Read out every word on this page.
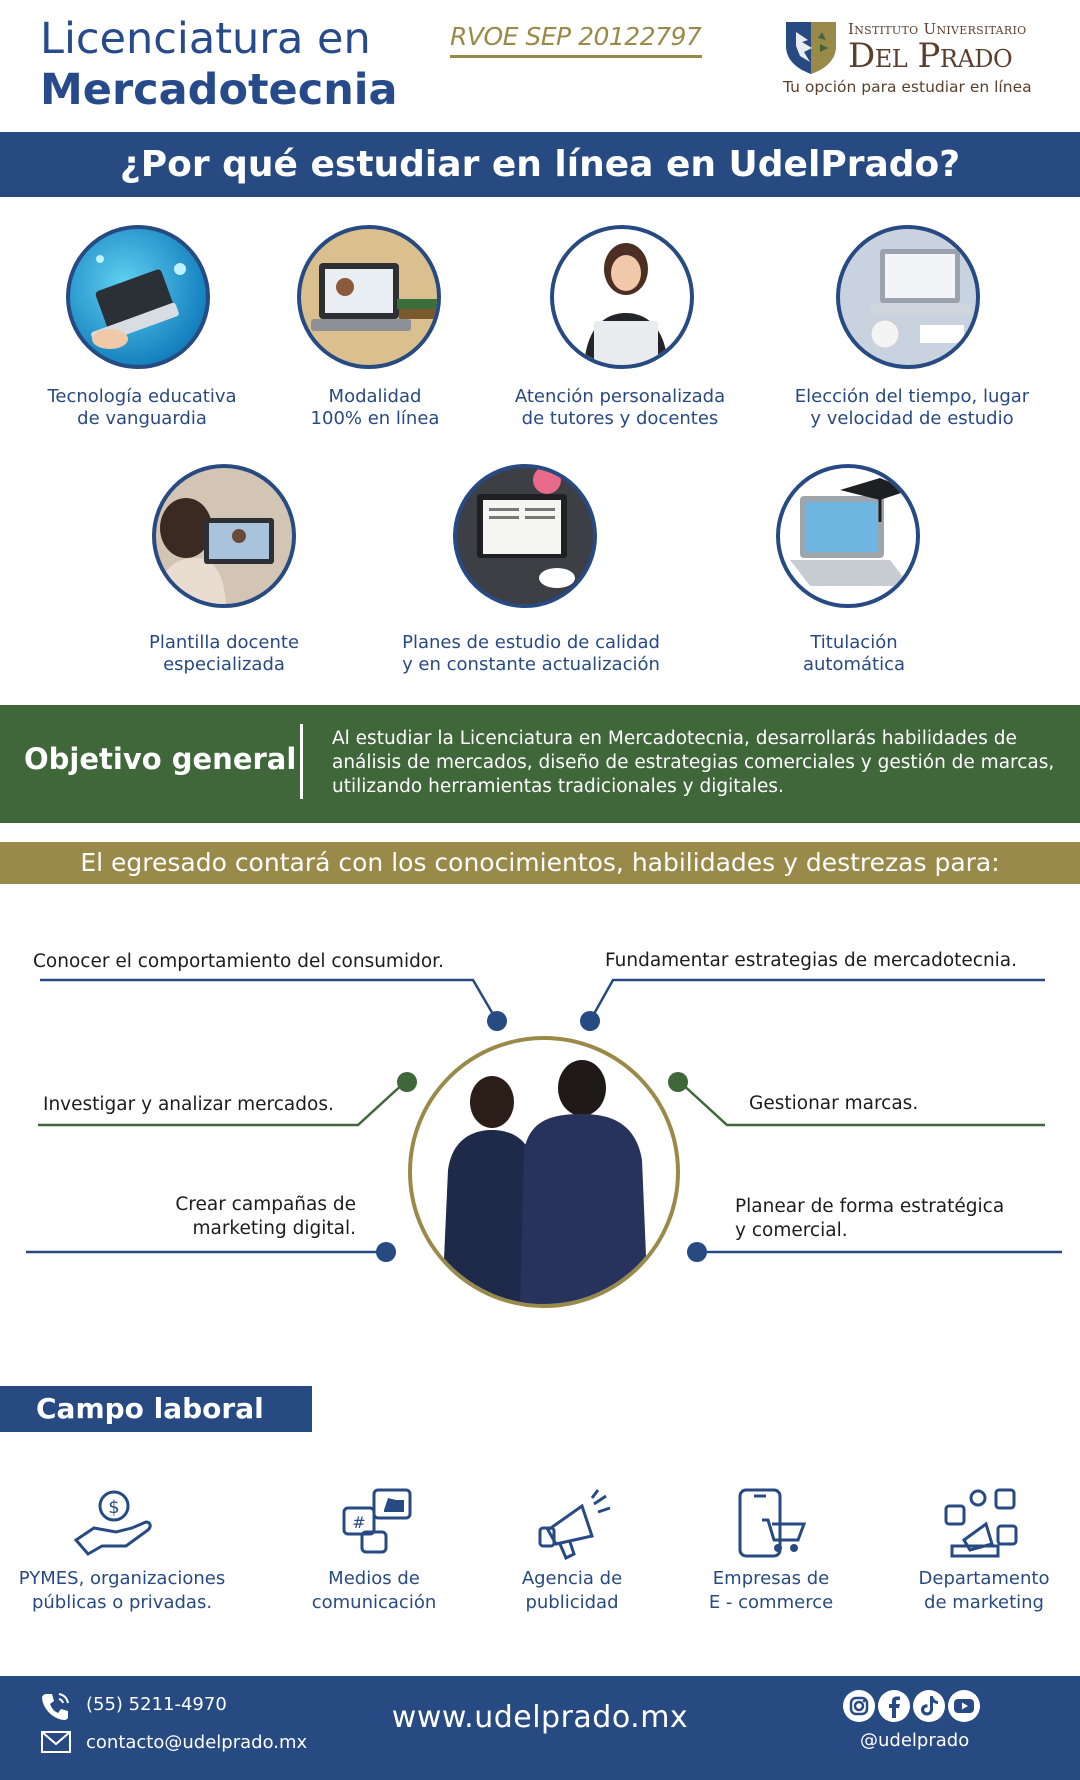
Licenciatura en
Mercadotecnia
RVOE SEP 20122797	Instituto Universitario
Del Prado
Tu opción para estudiar en línea
¿Por qué estudiar en línea en UdelPrado?
Tecnología educativa
de vanguardia
Modalidad
100% en línea
Atención personalizada
de tutores y docentes
Elección del tiempo, lugar
y velocidad de estudio
Plantilla docente
especializada
Planes de estudio de calidad
y en constante actualización
Titulación
automática
Objetivo general
Al estudiar la Licenciatura en Mercadotecnia, desarrollarás habilidades de análisis de mercados, diseño de estrategias comerciales y gestión de marcas, utilizando herramientas tradicionales y digitales.
El egresado contará con los conocimientos, habilidades y destrezas para:
Conocer el comportamiento del consumidor.	Fundamentar estrategias de mercadotecnia.
Investigar y analizar mercados.	Gestionar marcas.
Crear campañas de
marketing digital.
Planear de forma estratégica
y comercial.
Campo laboral
$
#
PYMES, organizaciones
públicas o privadas.
Medios de
comunicación
Agencia de
publicidad
Empresas de
E - commerce
Departamento
de marketing
(55) 5211-4970
contacto@udelprado.mx
www.udelprado.mx
@udelprado
